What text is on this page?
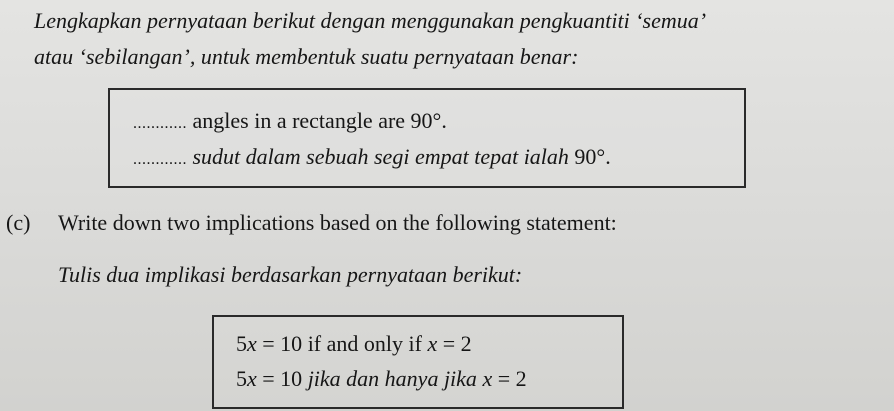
Lengkapkan pernyataan berikut dengan menggunakan pengkuantiti ‘semua’
atau ‘sebilangan’, untuk membentuk suatu pernyataan benar:
............ angles in a rectangle are 90°.
............ sudut dalam sebuah segi empat tepat ialah 90°.
(c) Write down two implications based on the following statement:
Tulis dua implikasi berdasarkan pernyataan berikut:
5x = 10 if and only if x = 2
5x = 10 jika dan hanya jika x = 2
